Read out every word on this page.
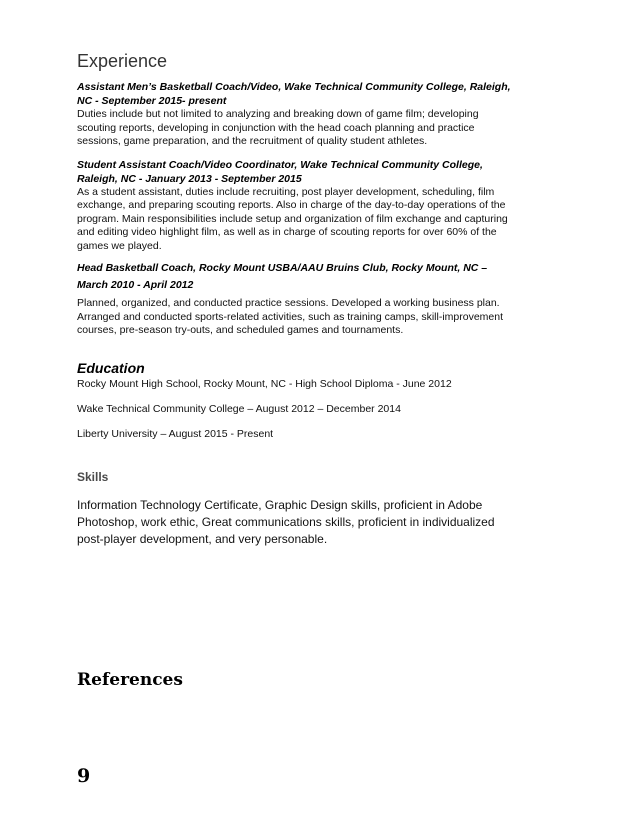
Experience

Assistant Men’s Basketball Coach/Video, Wake Technical Community College, Raleigh,

NC - September 2015- present

Duties include but not limited to analyzing and breaking down of game film; developing scouting reports, developing in conjunction with the head coach planning and practice sessions, game preparation, and the recruitment of quality student athletes.

Student Assistant Coach/Video Coordinator, Wake Technical Community College,

Raleigh, NC - January 2013 - September 2015

As a student assistant, duties include recruiting, post player development, scheduling, film exchange, and preparing scouting reports. Also in charge of the day-to-day operations of the program. Main responsibilities include setup and organization of film exchange and capturing and editing video highlight film, as well as in charge of scouting reports for over 60% of the games we played.

Head Basketball Coach, Rocky Mount USBA/AAU Bruins Club, Rocky Mount, NC –

March 2010 - April 2012

Planned, organized, and conducted practice sessions. Developed a working business plan. Arranged and conducted sports-related activities, such as training camps, skill-improvement courses, pre-season try-outs, and scheduled games and tournaments.

Education

Rocky Mount High School, Rocky Mount, NC - High School Diploma - June 2012

Wake Technical Community College – August 2012 – December 2014

Liberty University – August 2015 - Present

Skills

Information Technology Certificate, Graphic Design skills, proficient in Adobe Photoshop, work ethic, Great communications skills, proficient in individualized post-player development, and very personable.

References
9
